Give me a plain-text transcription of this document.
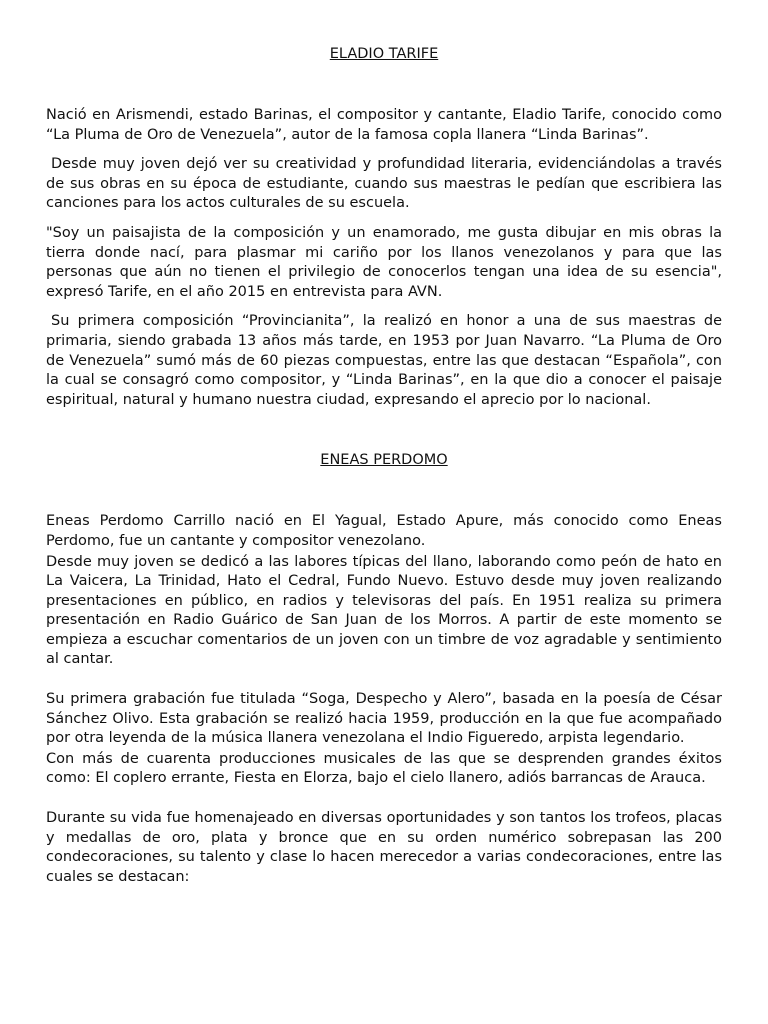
ELADIO TARIFE

Nació en Arismendi, estado Barinas, el compositor y cantante, Eladio Tarife, conocido como “La Pluma de Oro de Venezuela”, autor de la famosa copla llanera “Linda Barinas”.

Desde muy joven dejó ver su creatividad y profundidad literaria, evidenciándolas a través de sus obras en su época de estudiante, cuando sus maestras le pedían que escribiera las canciones para los actos culturales de su escuela.

"Soy un paisajista de la composición y un enamorado, me gusta dibujar en mis obras la tierra donde nací, para plasmar mi cariño por los llanos venezolanos y para que las personas que aún no tienen el privilegio de conocerlos tengan una idea de su esencia", expresó Tarife, en el año 2015 en entrevista para AVN.

Su primera composición “Provincianita”, la realizó en honor a una de sus maestras de primaria, siendo grabada 13 años más tarde, en 1953 por Juan Navarro. “La Pluma de Oro de Venezuela” sumó más de 60 piezas compuestas, entre las que destacan “Española”, con la cual se consagró como compositor, y “Linda Barinas”, en la que dio a conocer el paisaje espiritual, natural y humano nuestra ciudad, expresando el aprecio por lo nacional.

ENEAS PERDOMO

Eneas Perdomo Carrillo nació en El Yagual, Estado Apure, más conocido como Eneas Perdomo, fue un cantante y compositor venezolano.

Desde muy joven se dedicó a las labores típicas del llano, laborando como peón de hato en La Vaicera, La Trinidad, Hato el Cedral, Fundo Nuevo. Estuvo desde muy joven realizando presentaciones en público, en radios y televisoras del país. En 1951 realiza su primera presentación en Radio Guárico de San Juan de los Morros. A partir de este momento se empieza a escuchar comentarios de un joven con un timbre de voz agradable y sentimiento al cantar.

Su primera grabación fue titulada “Soga, Despecho y Alero”, basada en la poesía de César Sánchez Olivo. Esta grabación se realizó hacia 1959, producción en la que fue acompañado por otra leyenda de la música llanera venezolana el Indio Figueredo, arpista legendario.

Con más de cuarenta producciones musicales de las que se desprenden grandes éxitos como: El coplero errante, Fiesta en Elorza, bajo el cielo llanero, adiós barrancas de Arauca.

Durante su vida fue homenajeado en diversas oportunidades y son tantos los trofeos, placas y medallas de oro, plata y bronce que en su orden numérico sobrepasan las 200 condecoraciones, su talento y clase lo hacen merecedor a varias condecoraciones, entre las cuales se destacan:
